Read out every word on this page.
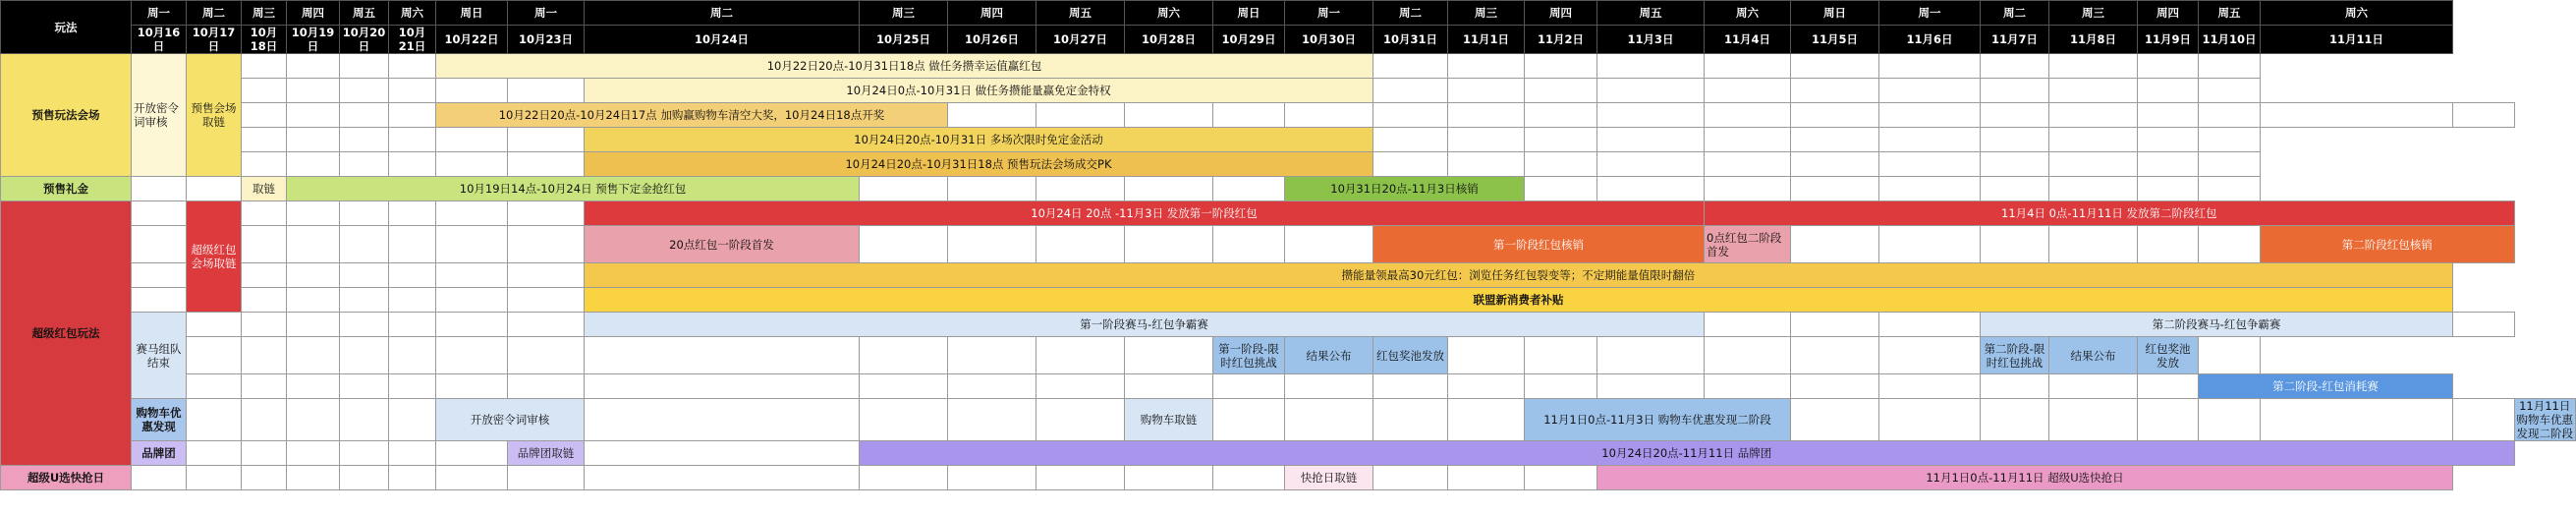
玩法	周一	周二	周三	周四	周五	周六	周日	周一	周二	周三	周四	周五	周六	周日	周一	周二	周三	周四	周五	周六	周日	周一	周二	周三	周四	周五	周六		
	10月16日	10月17日	10月18日	10月19日	10月20日	10月21日	10月22日	10月23日	10月24日	10月25日	10月26日	10月27日	10月28日	10月29日	10月30日	10月31日	11月1日	11月2日	11月3日	11月4日	11月5日	11月6日	11月7日	11月8日	11月9日	11月10日	11月11日		
预售玩法会场	开放密令词审核	预售会场取链					10月22日20点-10月31日18点 做任务攒幸运值赢红包																						
									10月24日0点-10月31日 做任务攒能量赢免定金特权																				
							10月22日20点-10月24日17点 加购赢购物车清空大奖，10月24日18点开奖																						
									10月24日20点-10月31日 多场次限时免定金活动																				
									10月24日20点-10月31日18点 预售玩法会场成交PK																				
预售礼金			取链	10月19日14点-10月24日 预售下定金抢红包											10月31日20点-11月3日核销														
超级红包玩法		超级红包会场取链							10月24日 20点 -11月3日 发放第一阶段红包											11月4日 0点-11月11日 发放第二阶段红包									
									20点红包一阶段首发							第一阶段红包核销				0点红包二阶段首发							第二阶段红包核销		
									攒能量领最高30元红包：浏览任务红包裂变等；不定期能量值限时翻倍																				
									联盟新消费者补贴																				
	赛马组队结束								第一阶段赛马-红包争霸赛														第二阶段赛马-红包争霸赛						
														第一阶段-限时红包挑战	结果公布	红包奖池发放							第二阶段-限时红包挑战	结果公布	红包奖池发放				
																										第二阶段-红包消耗赛			
	购物车优惠发现						开放密令词审核						购物车取链					11月1日0点-11月3日 购物车优惠发现二阶段											11月11日 购物车优惠发现二阶段
	品牌团							品牌团取链		10月24日20点-11月11日 品牌团																			
超级U选快抢日															快抢日取链				11月1日0点-11月11日 超级U选快抢日										
